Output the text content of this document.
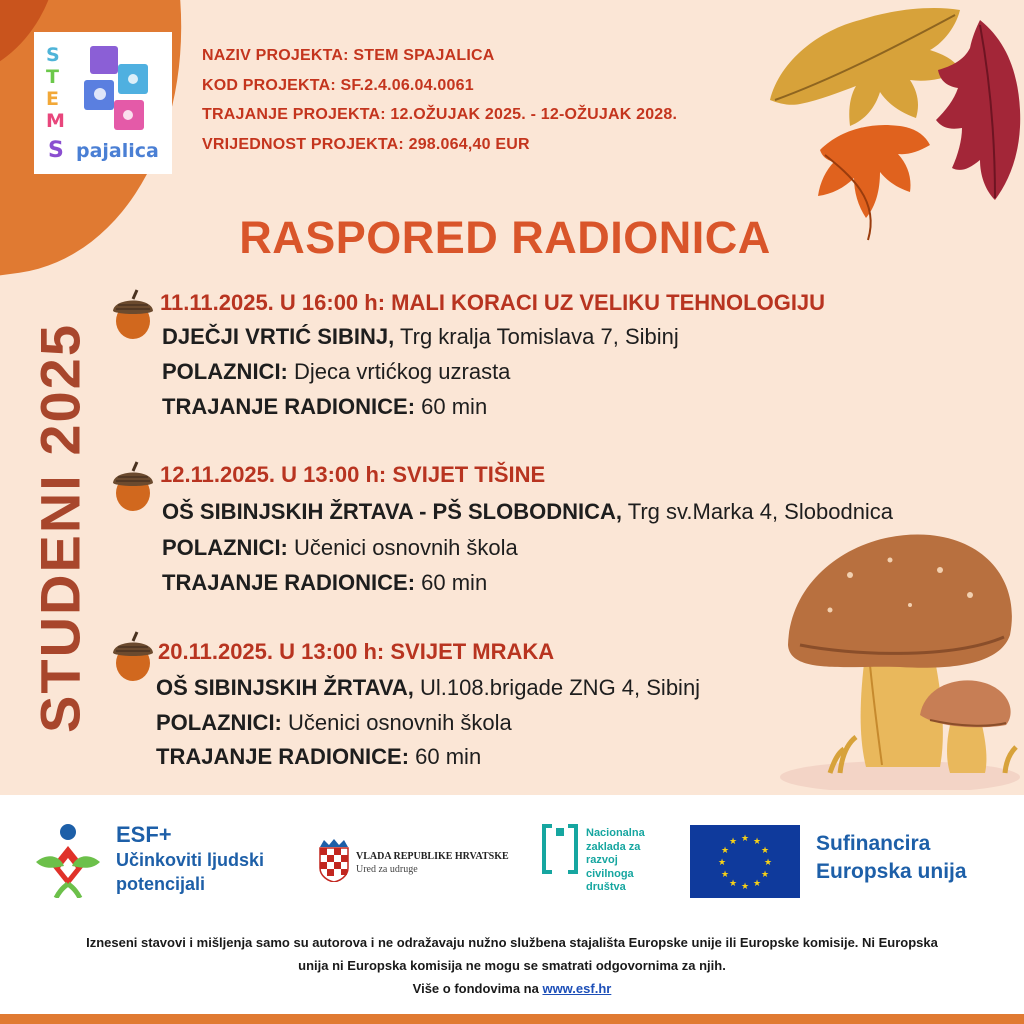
S
T
E
M
S pajalica
NAZIV PROJEKTA: STEM SPAJALICA
KOD PROJEKTA: SF.2.4.06.04.0061
TRAJANJE PROJEKTA: 12.OŽUJAK 2025. - 12-OŽUJAK 2028.
VRIJEDNOST PROJEKTA: 298.064,40 EUR
RASPORED RADIONICA
STUDENI 2025
11.11.2025. U 16:00 h: MALI KORACI UZ VELIKU TEHNOLOGIJU
DJEČJI VRTIĆ SIBINJ, Trg kralja Tomislava 7, Sibinj
POLAZNICI: Djeca vrtićkog uzrasta
TRAJANJE RADIONICE: 60 min
12.11.2025. U 13:00 h: SVIJET TIŠINE
OŠ SIBINJSKIH ŽRTAVA - PŠ SLOBODNICA, Trg sv.Marka 4, Slobodnica
POLAZNICI: Učenici osnovnih škola
TRAJANJE RADIONICE: 60 min
20.11.2025. U 13:00 h: SVIJET MRAKA
OŠ SIBINJSKIH ŽRTAVA, Ul.108.brigade ZNG 4, Sibinj
POLAZNICI: Učenici osnovnih škola
TRAJANJE RADIONICE: 60 min
ESF+
Učinkoviti ljudski
potencijali
VLADA REPUBLIKE HRVATSKE
Ured za udruge
Nacionalna
zaklada za
razvoj
civilnoga
društva
★ ★
★
★
★
★
★
★
★
★
★
★	Sufinancira
Europska unija
Izneseni stavovi i mišljenja samo su autorova i ne odražavaju nužno službena stajališta Europske unije ili Europske komisije. Ni Europska
unija ni Europska komisija ne mogu se smatrati odgovornima za njih.
Više o fondovima na www.esf.hr
